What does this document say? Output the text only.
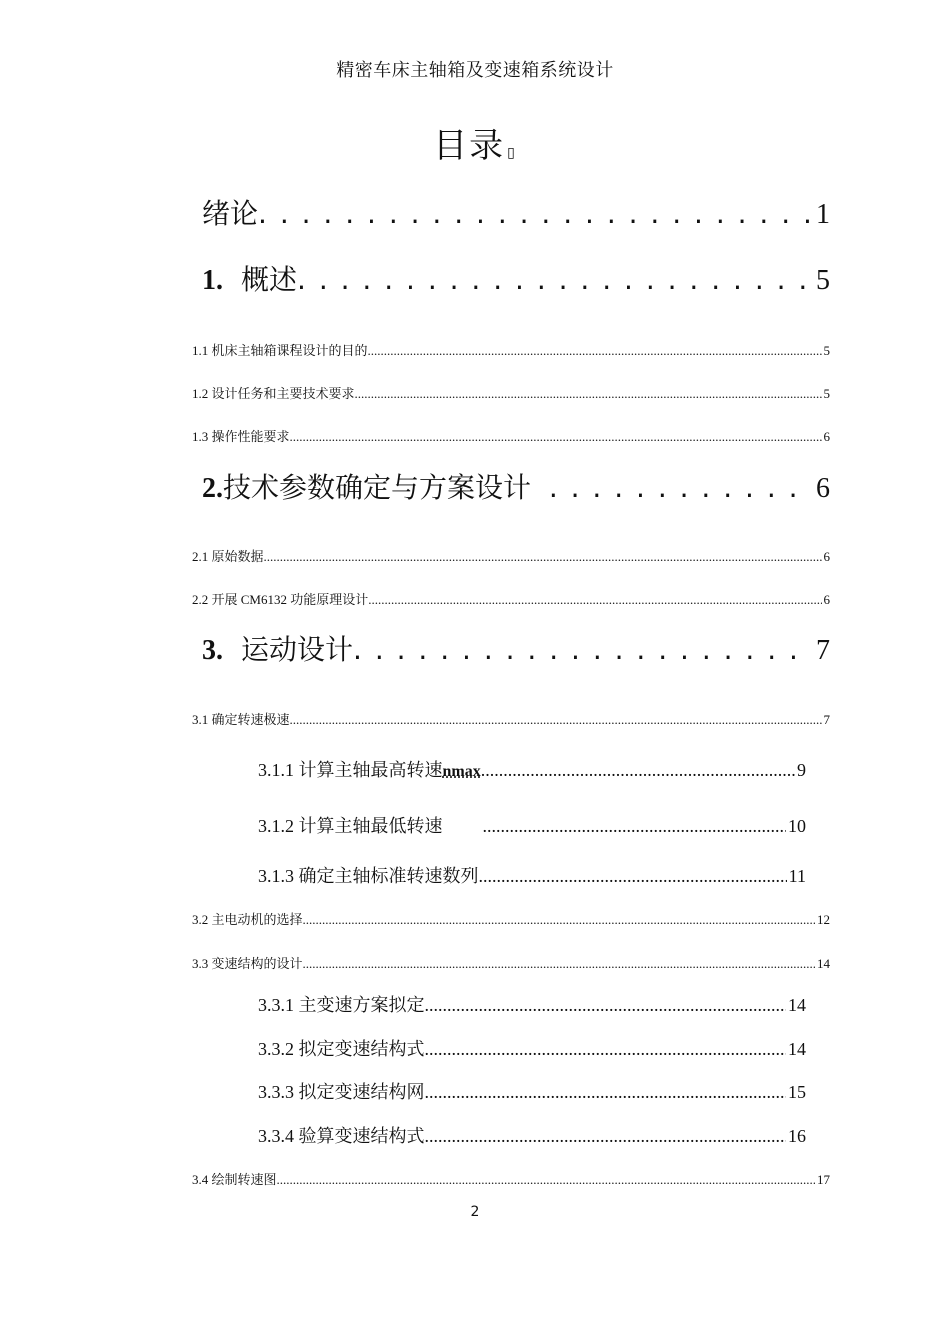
精密车床主轴箱及变速箱系统设计
目录 ▯
绪论 . . .	1
1. 概述 . . .	5
1.1 机床主轴箱课程设计的目的 .....	5
1.2 设计任务和主要技术要求 .....	5
1.3 操作性能要求 .....	6
2.技术参数确定与方案设计 . . .	6
2.1 原始数据 .....	6
2.2 开展 CM6132 功能原理设计 .....	6
3. 运动设计 . . .	7
3.1 确定转速极速 .....	7
3.1.1 计算主轴最高转速nmax .....	9
3.1.2 计算主轴最低转速 .....	10
3.1.3 确定主轴标准转速数列 .....	11
3.2 主电动机的选择 .....	12
3.3 变速结构的设计 .....	14
3.3.1 主变速方案拟定 .....	14
3.3.2 拟定变速结构式 .....	14
3.3.3 拟定变速结构网 .....	15
3.3.4 验算变速结构式 .....	16
3.4 绘制转速图 .....	17
2
